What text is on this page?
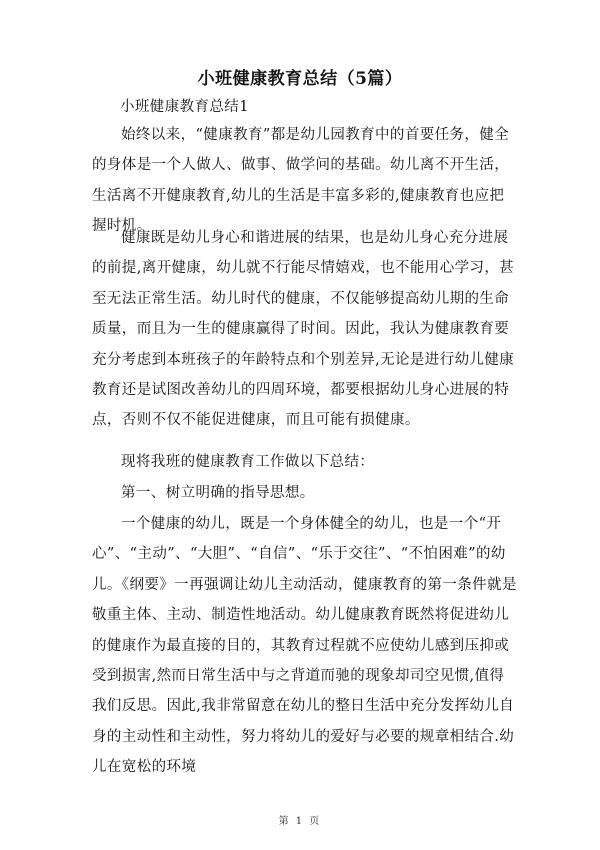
小班健康教育总结（5篇）
小班健康教育总结1

始终以来，“健康教育”都是幼儿园教育中的首要任务，健全的身体是一个人做人、做事、做学问的基础。幼儿离不开生活，生活离不开健康教育,幼儿的生活是丰富多彩的,健康教育也应把握时机。

健康既是幼儿身心和谐进展的结果，也是幼儿身心充分进展的前提,离开健康，幼儿就不行能尽情嬉戏，也不能用心学习，甚至无法正常生活。幼儿时代的健康，不仅能够提高幼儿期的生命质量，而且为一生的健康赢得了时间。因此，我认为健康教育要充分考虑到本班孩子的年龄特点和个别差异,无论是进行幼儿健康教育还是试图改善幼儿的四周环境，都要根据幼儿身心进展的特点，否则不仅不能促进健康，而且可能有损健康。

现将我班的健康教育工作做以下总结：

第一、树立明确的指导思想。

一个健康的幼儿，既是一个身体健全的幼儿，也是一个“开心”、“主动”、“大胆”、“自信”、“乐于交往”、“不怕困难”的幼儿。《纲要》一再强调让幼儿主动活动，健康教育的第一条件就是敬重主体、主动、制造性地活动。幼儿健康教育既然将促进幼儿的健康作为最直接的目的，其教育过程就不应使幼儿感到压抑或受到损害,然而日常生活中与之背道而驰的现象却司空见惯,值得我们反思。因此,我非常留意在幼儿的整日生活中充分发挥幼儿自身的主动性和主动性，努力将幼儿的爱好与必要的规章相结合.幼儿在宽松的环境

第 1 页
